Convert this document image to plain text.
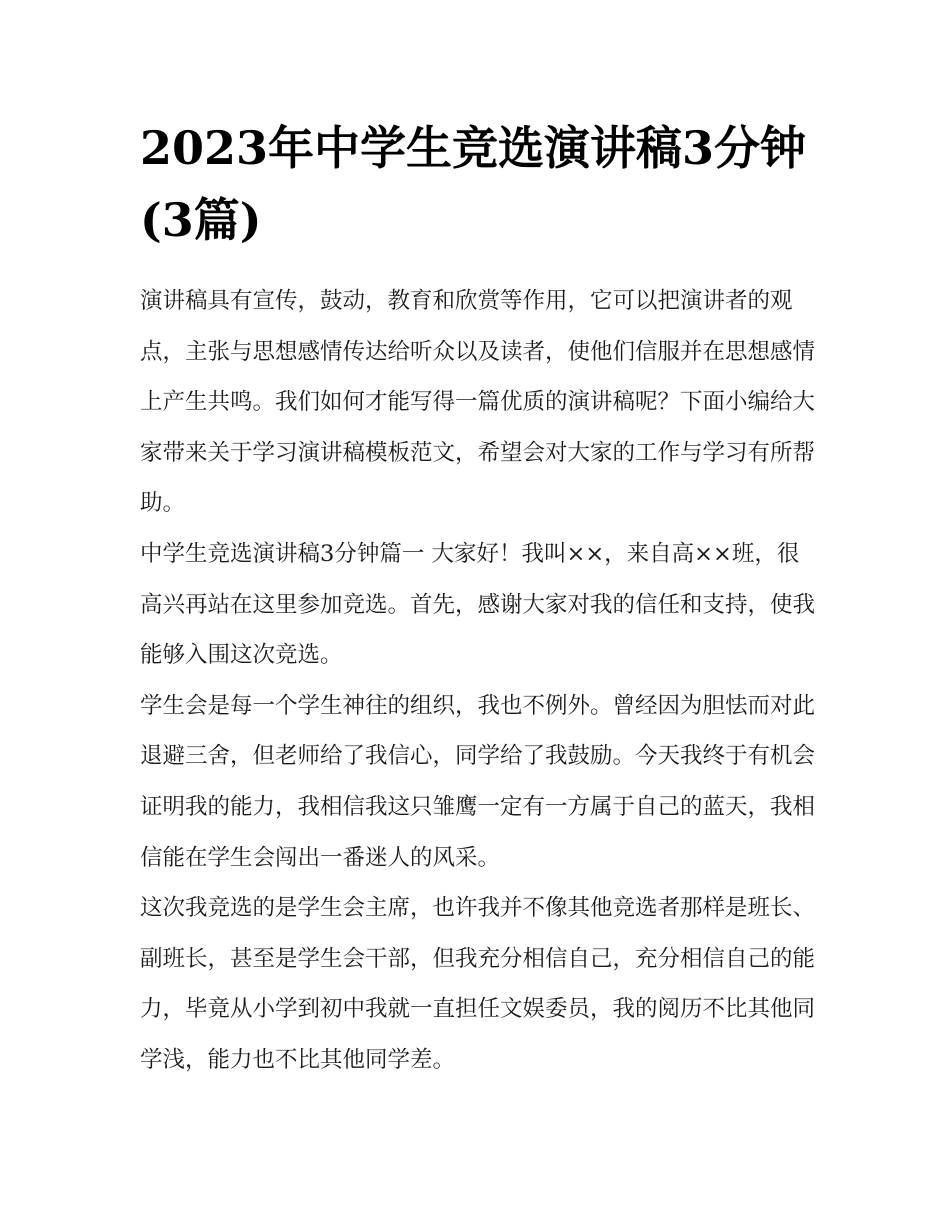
2023年中学生竞选演讲稿3分钟(3篇)

演讲稿具有宣传，鼓动，教育和欣赏等作用，它可以把演讲者的观点，主张与思想感情传达给听众以及读者，使他们信服并在思想感情上产生共鸣。我们如何才能写得一篇优质的演讲稿呢？下面小编给大家带来关于学习演讲稿模板范文，希望会对大家的工作与学习有所帮助。

中学生竞选演讲稿3分钟篇一 大家好！我叫××，来自高××班，很高兴再站在这里参加竞选。首先，感谢大家对我的信任和支持，使我能够入围这次竞选。

学生会是每一个学生神往的组织，我也不例外。曾经因为胆怯而对此退避三舍，但老师给了我信心，同学给了我鼓励。今天我终于有机会证明我的能力，我相信我这只雏鹰一定有一方属于自己的蓝天，我相信能在学生会闯出一番迷人的风采。

这次我竞选的是学生会主席，也许我并不像其他竞选者那样是班长、副班长，甚至是学生会干部，但我充分相信自己，充分相信自己的能力，毕竟从小学到初中我就一直担任文娱委员，我的阅历不比其他同学浅，能力也不比其他同学差。
